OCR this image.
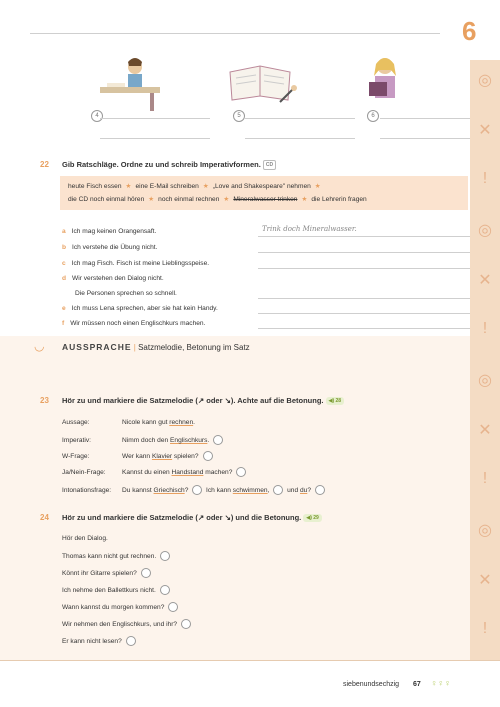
6
◎
✕
!
◎
✕
!
◎
✕
!
◎
✕
!
4	5	6
22 Gib Ratschläge. Ordne zu und schreib Imperativformen. CD
heute Fisch essen ★ eine E-Mail schreiben ★ „Love and Shakespeare" nehmen ★
die CD noch einmal hören ★ noch einmal rechnen ★ Mineralwasser trinken ★ die Lehrerin fragen
a Ich mag keinen Orangensaft.
b Ich verstehe die Übung nicht.
c Ich mag Fisch. Fisch ist meine Lieblingsspeise.
d Wir verstehen den Dialog nicht.
Die Personen sprechen so schnell.
e Ich muss Lena sprechen, aber sie hat kein Handy.
f Wir müssen noch einen Englischkurs machen.
Trink doch Mineralwasser.
◡ AUSSPRACHE | Satzmelodie, Betonung im Satz
23 Hör zu und markiere die Satzmelodie (↗ oder ↘). Achte auf die Betonung. ◀) 28
Aussage:	Nicole kann gut rechnen.
Imperativ:	Nimm doch den Englischkurs.
W-Frage:	Wer kann Klavier spielen?
Ja/Nein-Frage: Kannst du einen Handstand machen?
Intonationsfrage: Du kannst Griechisch?	Ich kann schwimmen,	und du?
24 Hör zu und markiere die Satzmelodie (↗ oder ↘) und die Betonung. ◀) 29
Hör den Dialog.
Thomas kann nicht gut rechnen.
Könnt ihr Gitarre spielen?
Ich nehme den Ballettkurs nicht.
Wann kannst du morgen kommen?
Wir nehmen den Englischkurs, und ihr?
Er kann nicht lesen?
siebenundsechzig 67 ♀♀♀
